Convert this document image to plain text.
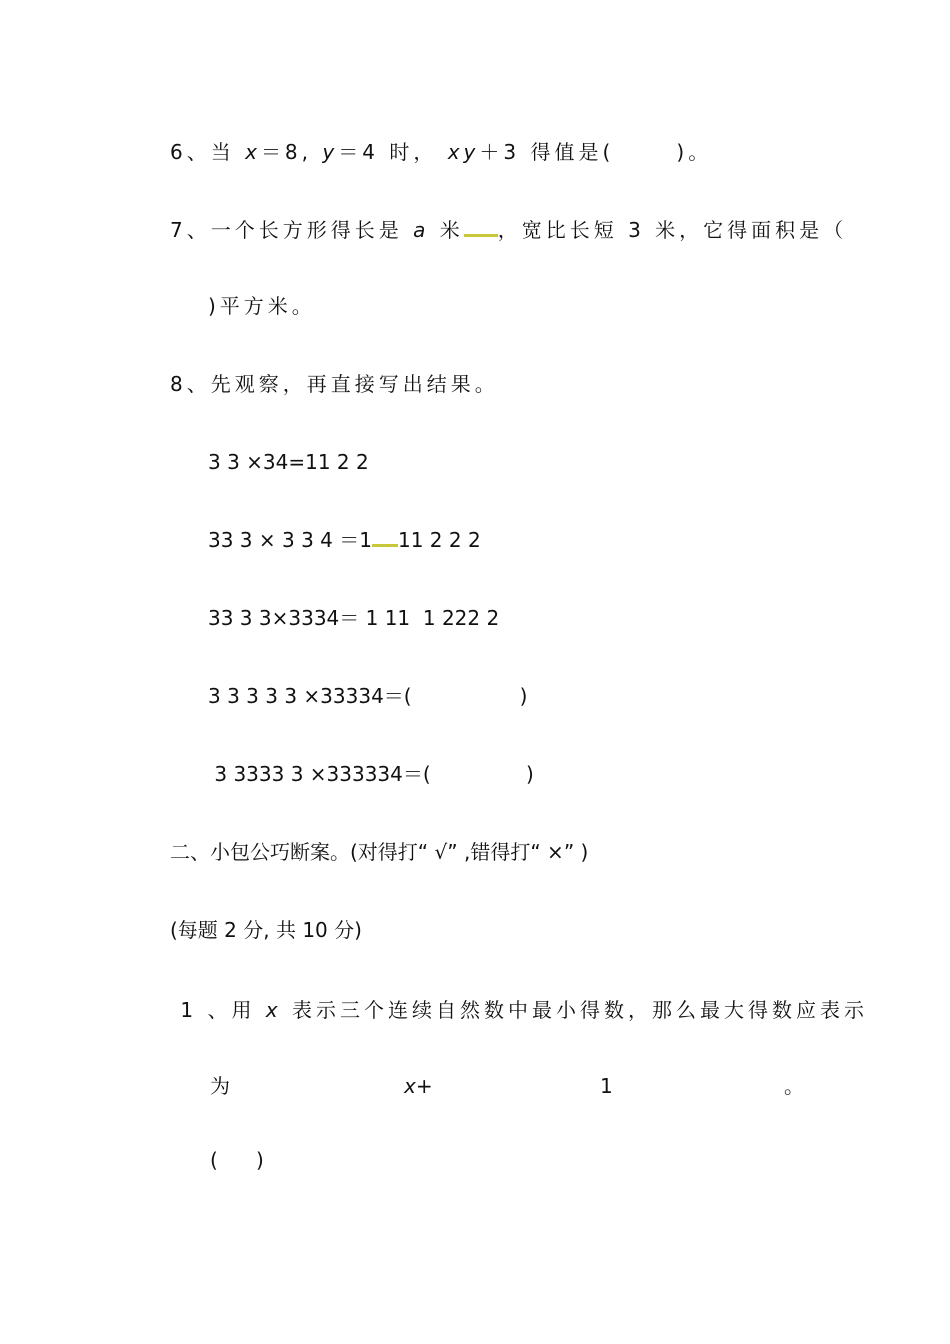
6、当 x＝8, y＝4 时， xy＋3 得值是(      )。
7、一个长方形得长是 a 米 ，宽比长短 3 米，它得面积是（
)平方米。
8、先观察，再直接写出结果。
3 3 ×34=11 2 2
33 3 × 3 3 4 ＝1 11 2 2 2
33 3 3×3334＝ 1 11  1 222 2
3 3 3 3 3 ×33334＝(                 )
3 3333 3 ×333334＝(               )
二、小包公巧断案。(对得打“ √” ,错得打“ ×” )
(每题 2 分, 共 10 分)
1 、用 x 表示三个连续自然数中最小得数，那么最大得数应表示
为	x+	1	。
(      )
